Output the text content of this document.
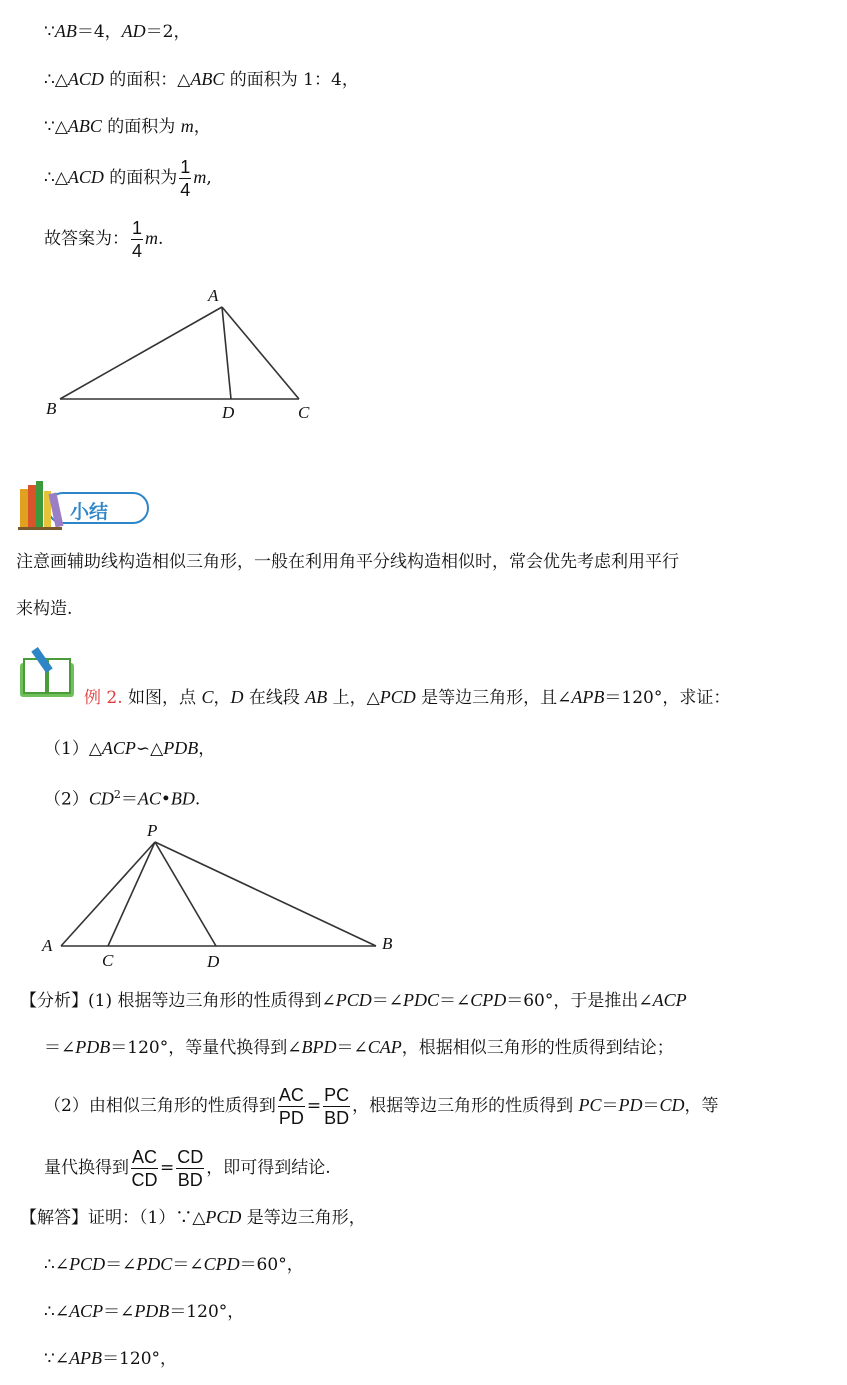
∵AB＝4，AD＝2，
∴△ACD 的面积：△ABC 的面积为 1：4，
∵△ABC 的面积为 m，
∴△ACD 的面积为 $\frac{1}{4} m$,
故答案为： $\frac{1}{4} m$.
A
B	D	C
小结
注意画辅助线构造相似三角形，一般在利用角平分线构造相似时，常会优先考虑利用平行
来构造.
例 2. 如图，点 C，D 在线段 AB 上，△PCD 是等边三角形，且∠APB＝120°，求证：
（1）△ACP∽△PDB，
$(2)CD^2=AC•BD$.
P
A
C	D
B
【分析】(1) 根据等边三角形的性质得到∠PCD＝∠PDC＝∠CPD＝60°，于是推出∠ACP
＝∠PDB＝120°，等量代换得到∠BPD＝∠CAP，根据相似三角形的性质得到结论；
（2）由相似三角形的性质得到 $\frac{AC}{PD} = \frac{PC}{BD}$ ，根据等边三角形的性质得到 PC＝PD＝CD，等
量代换得到 $\frac{AC}{CD} = \frac{CD}{BD}$ ，即可得到结论.
【解答】证明：（1）∵△PCD 是等边三角形，
∴∠PCD＝∠PDC＝∠CPD＝60°，
∴∠ACP＝∠PDB＝120°，
∵∠APB＝120°，
